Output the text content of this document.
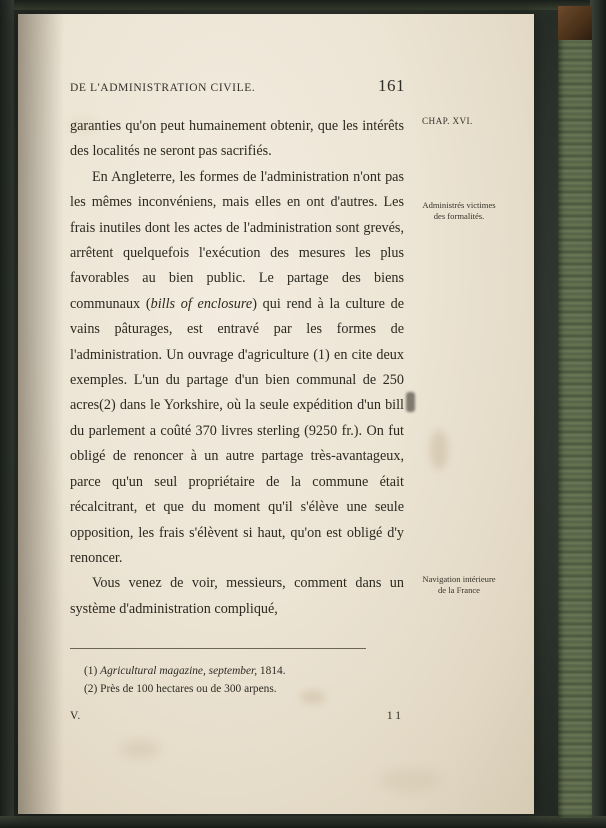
DE L'ADMINISTRATION CIVILE.	161

garanties qu'on peut humainement obtenir, que les intérêts des localités ne seront pas sacrifiés.

En Angleterre, les formes de l'administration n'ont pas les mêmes inconvéniens, mais elles en ont d'autres. Les frais inutiles dont les actes de l'administration sont grevés, arrêtent quelquefois l'exécution des mesures les plus favorables au bien public. Le partage des biens communaux (bills of enclosure) qui rend à la culture de vains pâturages, est entravé par les formes de l'administration. Un ouvrage d'agriculture (1) en cite deux exemples. L'un du partage d'un bien communal de 250 acres(2) dans le Yorkshire, où la seule expédition d'un bill du parlement a coûté 370 livres sterling (9250 fr.). On fut obligé de renoncer à un autre partage très-avantageux, parce qu'un seul propriétaire de la commune était récalcitrant, et que du moment qu'il s'élève une seule opposition, les frais s'élèvent si haut, qu'on est obligé d'y renoncer.

Vous venez de voir, messieurs, comment dans un système d'administration compliqué,

CHAP. XVI.
Administrés victimes des formalités.
Navigation intérieure de la France
(1) Agricultural magazine, september, 1814.
(2) Près de 100 hectares ou de 300 arpens.
V.	11
